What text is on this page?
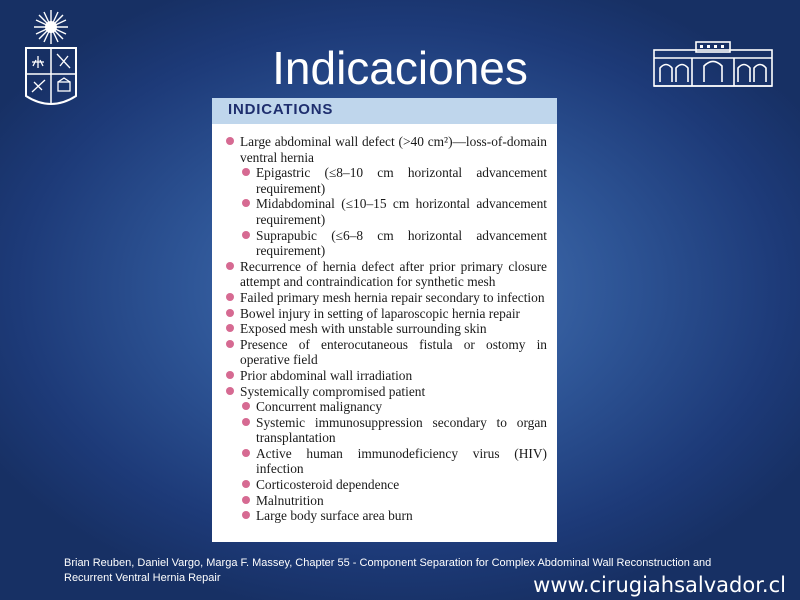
Indicaciones
INDICATIONS
Large abdominal wall defect (>40 cm²)—loss-of-domain ventral hernia
Epigastric (≤8–10 cm horizontal advancement requirement)
Midabdominal (≤10–15 cm horizontal advancement requirement)
Suprapubic (≤6–8 cm horizontal advancement requirement)
Recurrence of hernia defect after prior primary closure attempt and contraindication for synthetic mesh
Failed primary mesh hernia repair secondary to infection
Bowel injury in setting of laparoscopic hernia repair
Exposed mesh with unstable surrounding skin
Presence of enterocutaneous fistula or ostomy in operative field
Prior abdominal wall irradiation
Systemically compromised patient
Concurrent malignancy
Systemic immunosuppression secondary to organ transplantation
Active human immunodeficiency virus (HIV) infection
Corticosteroid dependence
Malnutrition
Large body surface area burn
Brian Reuben, Daniel Vargo, Marga F. Massey, Chapter 55 - Component Separation for Complex Abdominal Wall Reconstruction and
Recurrent Ventral Hernia Repair	www.cirugiahsalvador.cl
